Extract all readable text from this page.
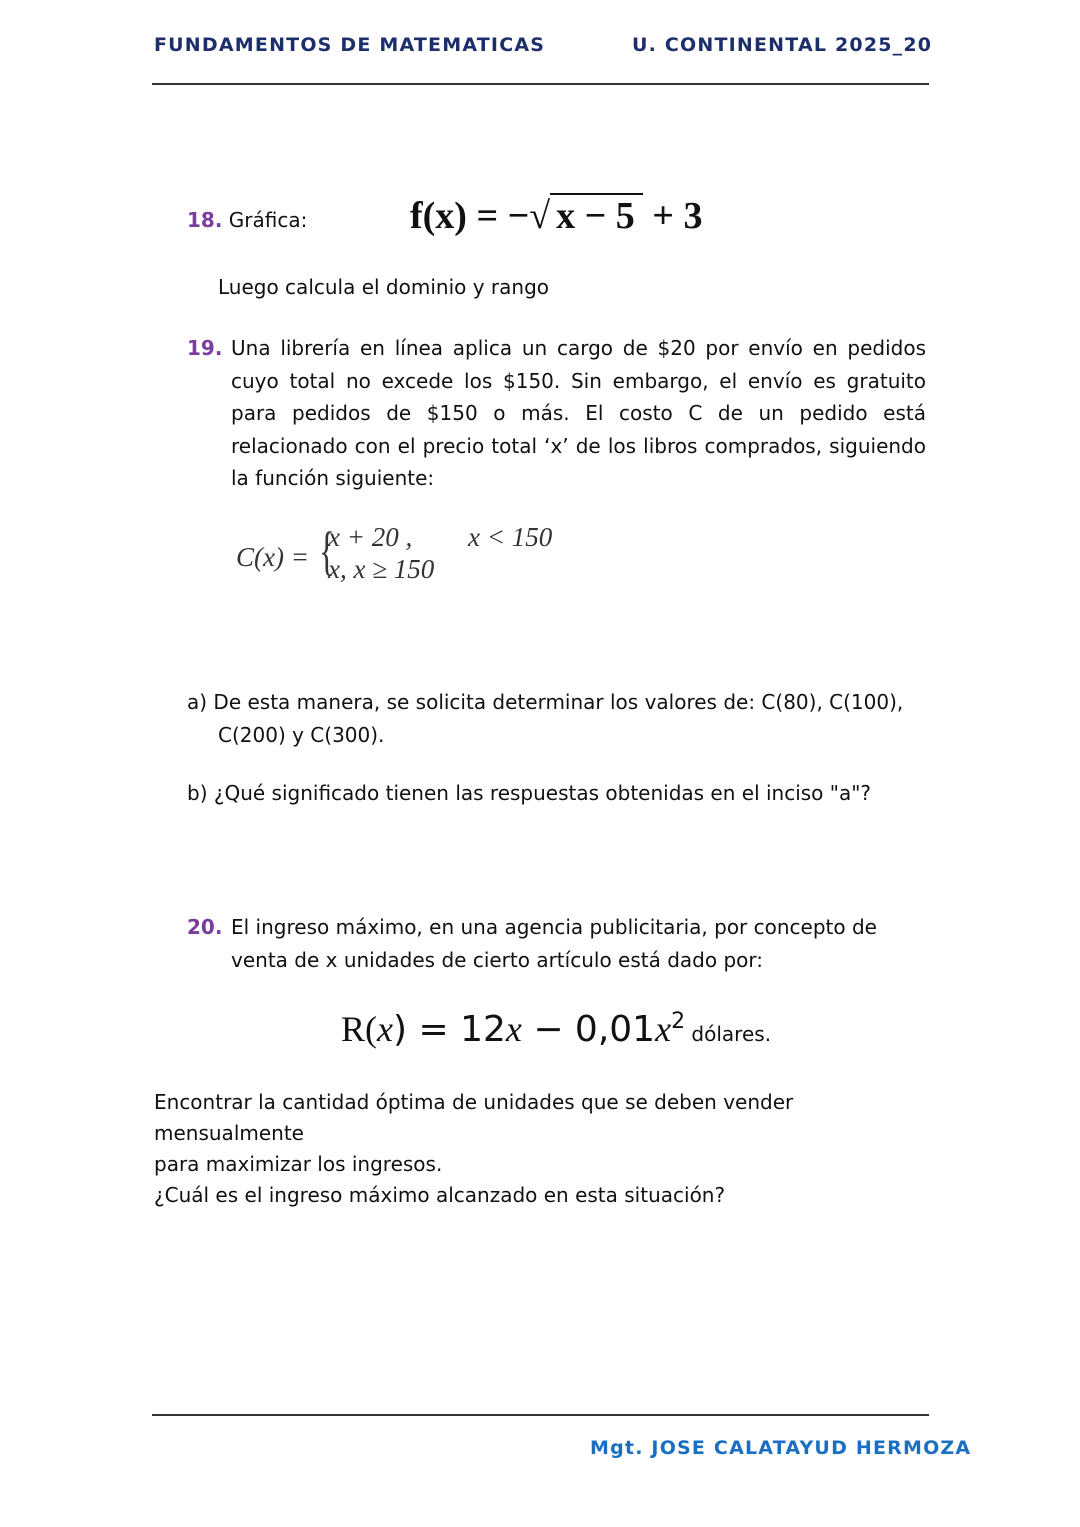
FUNDAMENTOS DE MATEMATICAS	U. CONTINENTAL 2025_20
18. Gráfica:	f(x) = −√ x − 5 + 3
Luego calcula el dominio y rango
19. Una librería en línea aplica un cargo de $20 por envío en pedidos cuyo total no excede los $150. Sin embargo, el envío es gratuito para pedidos de $150 o más. El costo C de un pedido está relacionado con el precio total ‘x’ de los libros comprados, siguiendo la función siguiente:
C(x) = {
x + 20 , x < 150
x, x ≥ 150
a) De esta manera, se solicita determinar los valores de: C(80), C(100),
C(200) y C(300).
b) ¿Qué significado tienen las respuestas obtenidas en el inciso "a"?
20. El ingreso máximo, en una agencia publicitaria, por concepto de venta de x unidades de cierto artículo está dado por:
$R(x) = 12x - 0,01x^2$ dólares.
Encontrar la cantidad óptima de unidades que se deben vender mensualmente
para maximizar los ingresos.
¿Cuál es el ingreso máximo alcanzado en esta situación?
Mgt. JOSE CALATAYUD HERMOZA
